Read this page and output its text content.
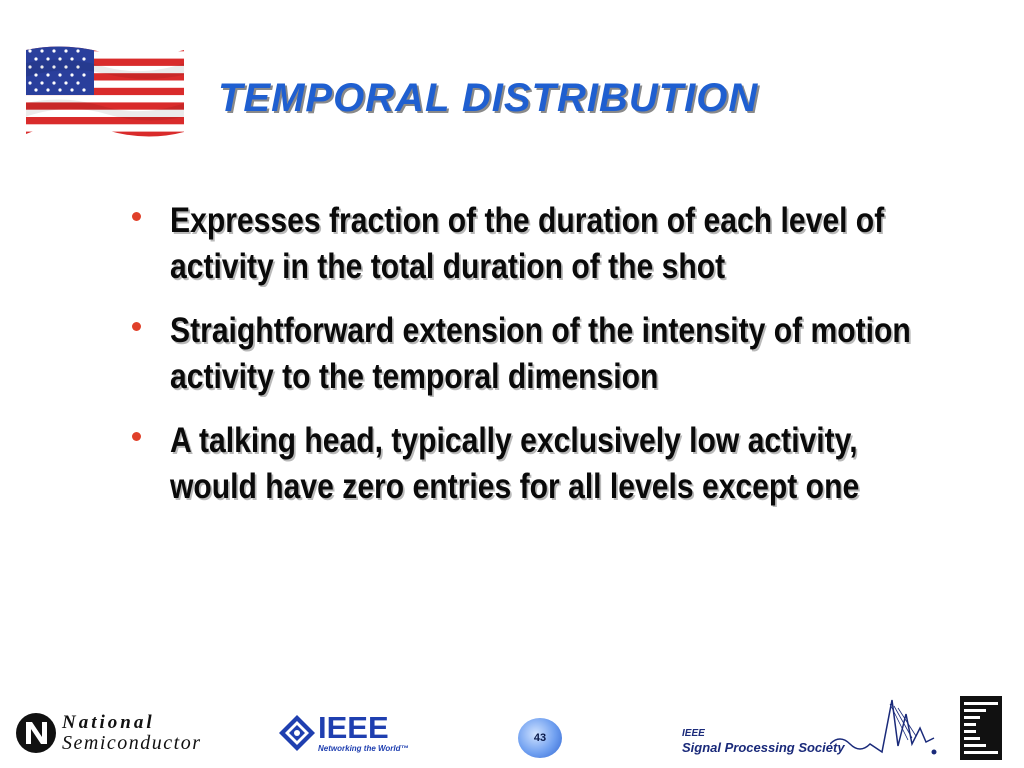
TEMPORAL DISTRIBUTION
Expresses fraction of the duration of each level of activity in the total duration of the shot
Straightforward extension of the intensity of motion activity to the temporal dimension
A talking head, typically exclusively low activity, would have zero entries for all levels except one
National
Semiconductor	IEEE
Networking the World™
43	IEEE
Signal Processing Society
